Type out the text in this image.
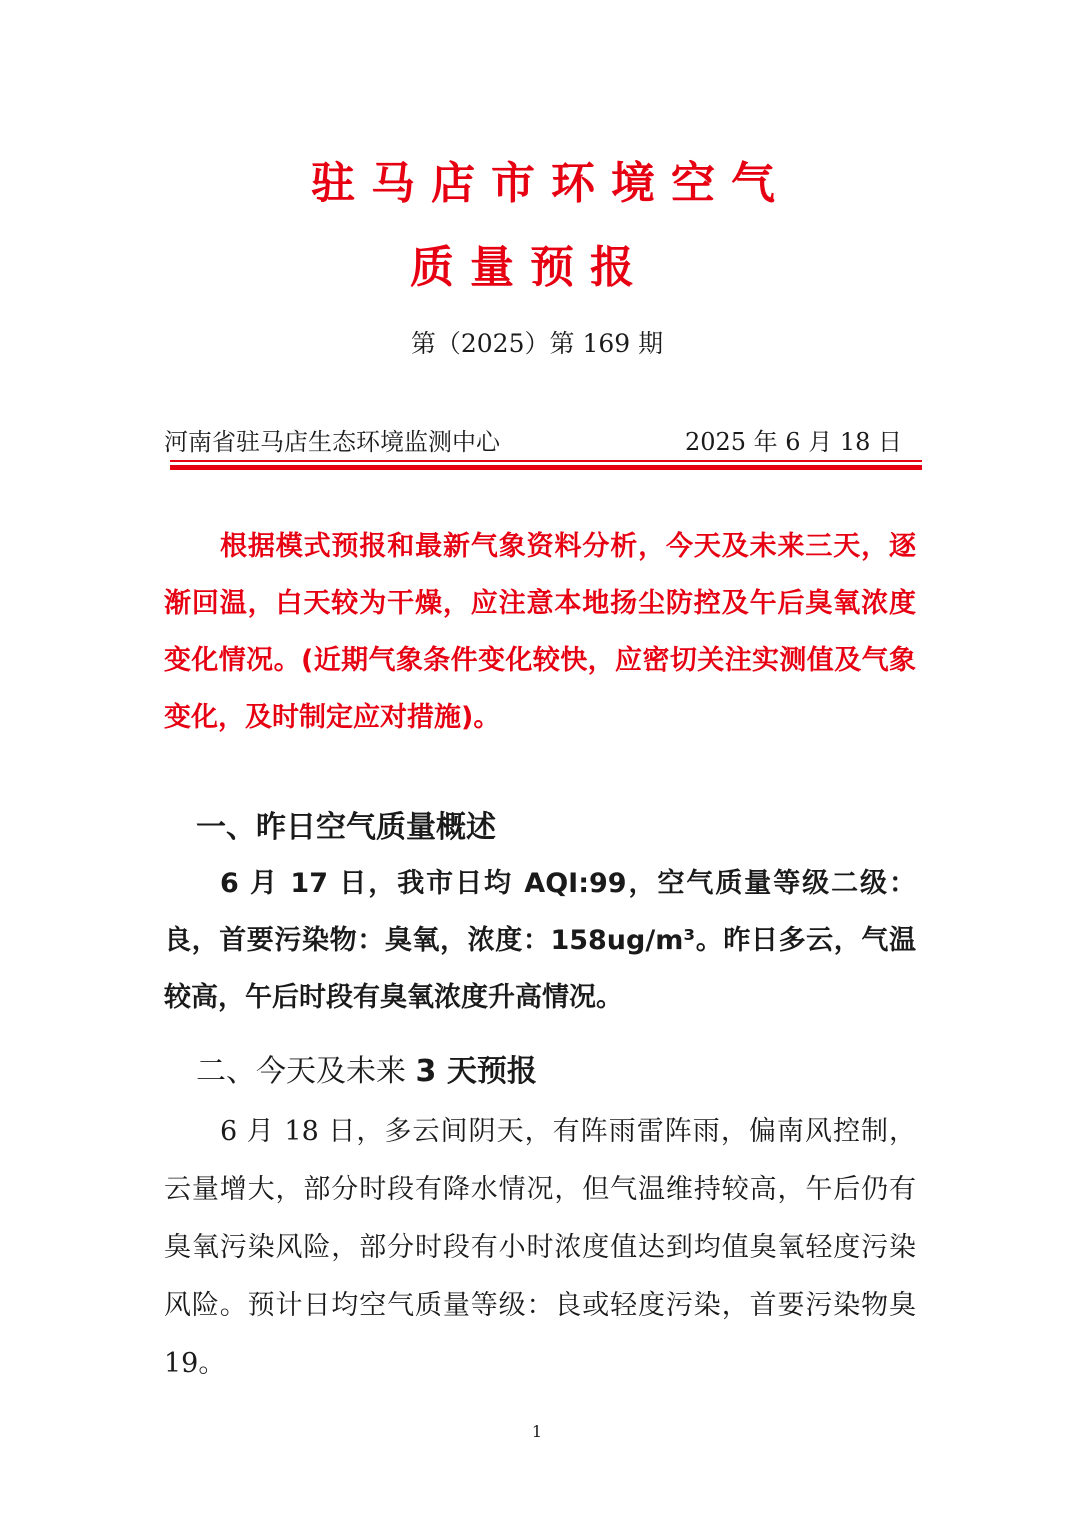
驻马店市环境空气
质量预报
第（2025）第 169 期
河南省驻马店生态环境监测中心	2025 年 6 月 18 日

根据模式预报和最新气象资料分析，今天及未来三天，逐渐回温，白天较为干燥，应注意本地扬尘防控及午后臭氧浓度变化情况。(近期气象条件变化较快，应密切关注实测值及气象变化，及时制定应对措施)。

一、昨日空气质量概述

6 月 17 日，我市日均 AQI:99，空气质量等级二级：良，首要污染物：臭氧，浓度：158ug/m³。昨日多云，气温较高，午后时段有臭氧浓度升高情况。

二、今天及未来 3 天预报

6 月 18 日，多云间阴天，有阵雨雷阵雨，偏南风控制，云量增大，部分时段有降水情况，但气温维持较高，午后仍有臭氧污染风险，部分时段有小时浓度值达到均值臭氧轻度污染风险。预计日均空气质量等级：良或轻度污染，首要污染物臭 19。

1
